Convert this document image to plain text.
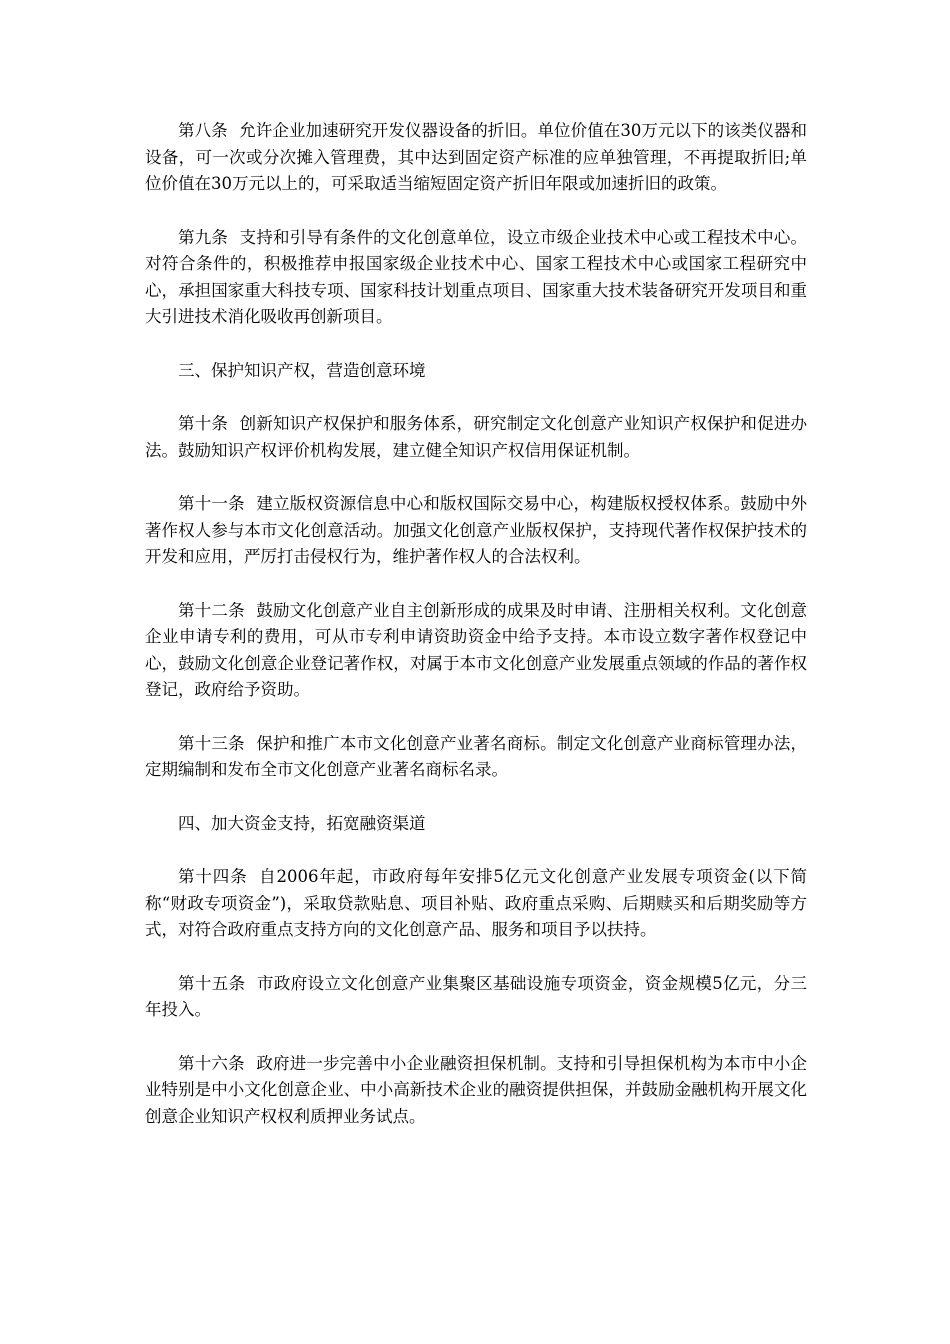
第八条 允许企业加速研究开发仪器设备的折旧。单位价值在30万元以下的该类仪器和设备，可一次或分次摊入管理费，其中达到固定资产标准的应单独管理，不再提取折旧;单位价值在30万元以上的，可采取适当缩短固定资产折旧年限或加速折旧的政策。

第九条 支持和引导有条件的文化创意单位，设立市级企业技术中心或工程技术中心。对符合条件的，积极推荐申报国家级企业技术中心、国家工程技术中心或国家工程研究中心，承担国家重大科技专项、国家科技计划重点项目、国家重大技术装备研究开发项目和重大引进技术消化吸收再创新项目。

三、保护知识产权，营造创意环境

第十条 创新知识产权保护和服务体系，研究制定文化创意产业知识产权保护和促进办法。鼓励知识产权评价机构发展，建立健全知识产权信用保证机制。

第十一条 建立版权资源信息中心和版权国际交易中心，构建版权授权体系。鼓励中外著作权人参与本市文化创意活动。加强文化创意产业版权保护，支持现代著作权保护技术的开发和应用，严厉打击侵权行为，维护著作权人的合法权利。

第十二条 鼓励文化创意产业自主创新形成的成果及时申请、注册相关权利。文化创意企业申请专利的费用，可从市专利申请资助资金中给予支持。本市设立数字著作权登记中心，鼓励文化创意企业登记著作权，对属于本市文化创意产业发展重点领域的作品的著作权登记，政府给予资助。

第十三条 保护和推广本市文化创意产业著名商标。制定文化创意产业商标管理办法，定期编制和发布全市文化创意产业著名商标名录。

四、加大资金支持，拓宽融资渠道

第十四条 自2006年起，市政府每年安排5亿元文化创意产业发展专项资金(以下简称“财政专项资金”)，采取贷款贴息、项目补贴、政府重点采购、后期赎买和后期奖励等方式，对符合政府重点支持方向的文化创意产品、服务和项目予以扶持。

第十五条 市政府设立文化创意产业集聚区基础设施专项资金，资金规模5亿元，分三年投入。

第十六条 政府进一步完善中小企业融资担保机制。支持和引导担保机构为本市中小企业特别是中小文化创意企业、中小高新技术企业的融资提供担保，并鼓励金融机构开展文化创意企业知识产权权利质押业务试点。
